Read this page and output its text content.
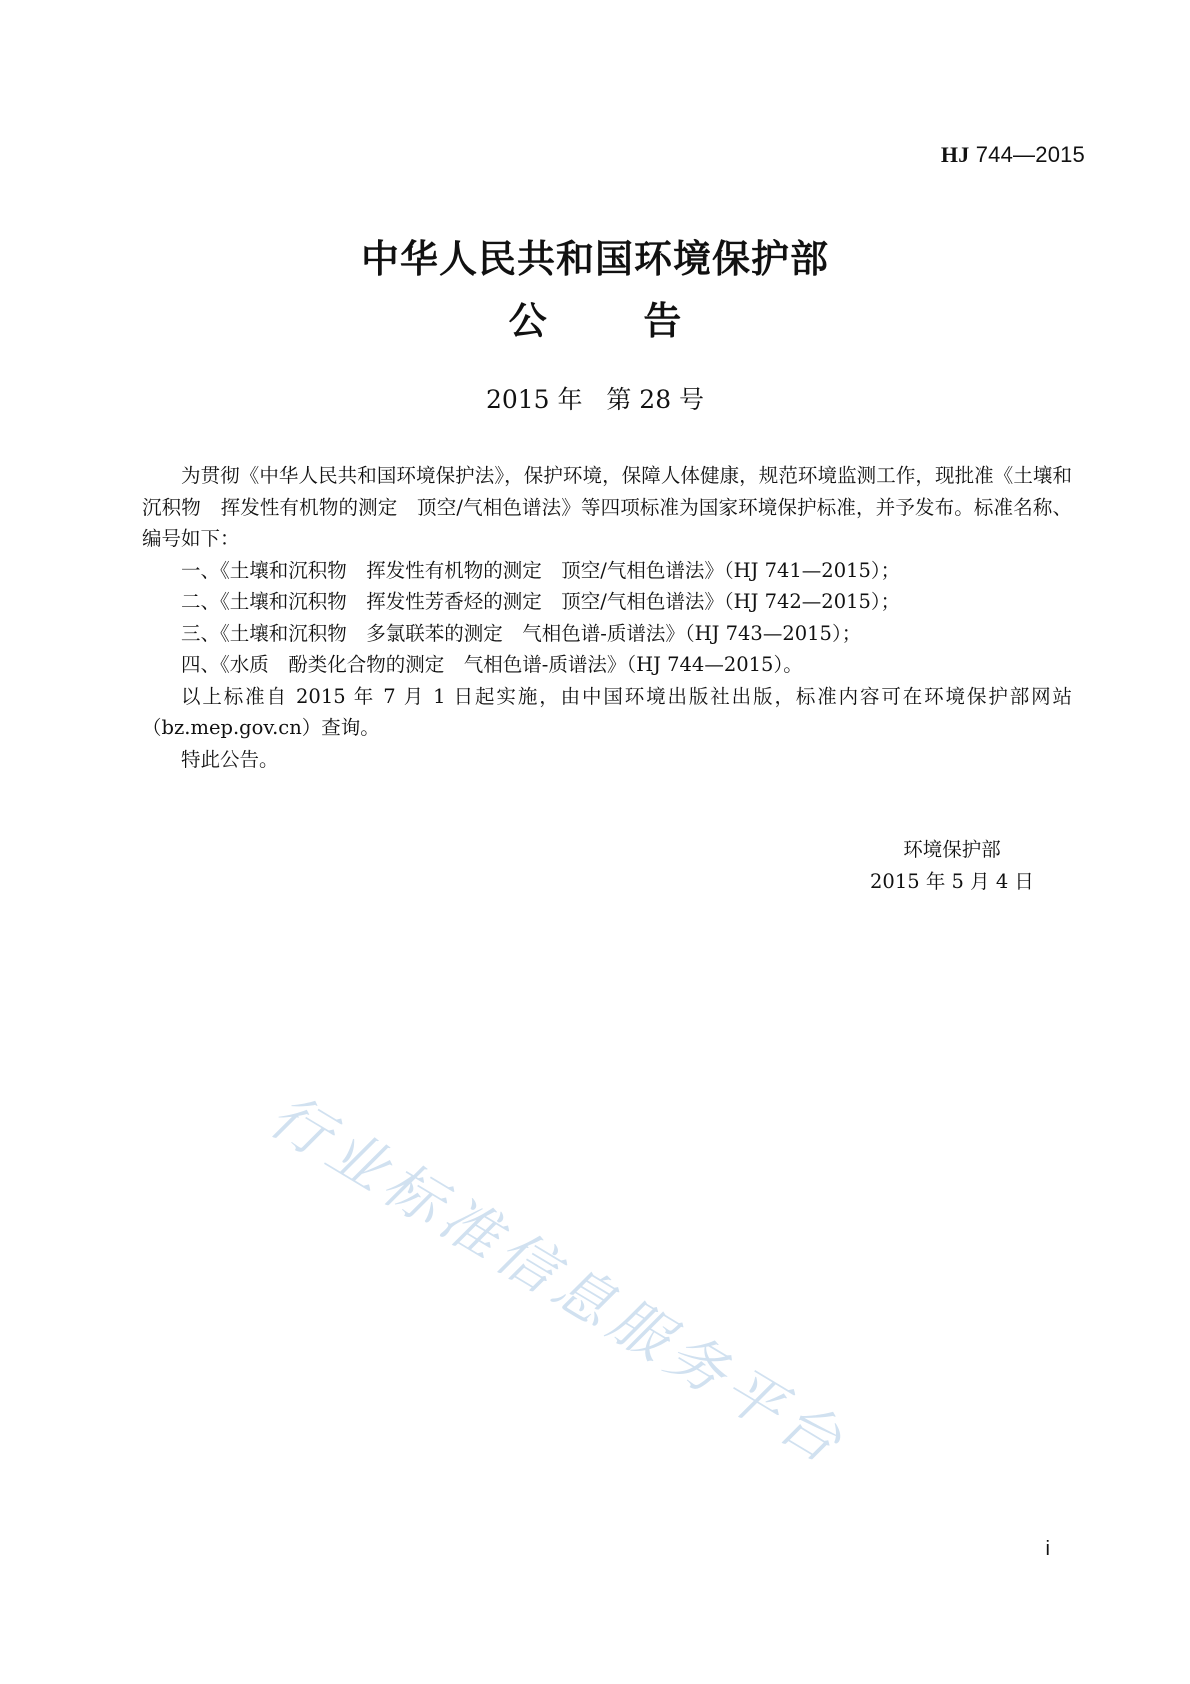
HJ 744—2015
中华人民共和国环境保护部
公 告
2015 年   第 28 号

为贯彻《中华人民共和国环境保护法》，保护环境，保障人体健康，规范环境监测工作，现批准《土壤和沉积物　挥发性有机物的测定　顶空/气相色谱法》等四项标准为国家环境保护标准，并予发布。标准名称、编号如下：

一、《土壤和沉积物　挥发性有机物的测定　顶空/气相色谱法》（HJ 741—2015）；

二、《土壤和沉积物　挥发性芳香烃的测定　顶空/气相色谱法》（HJ 742—2015）；

三、《土壤和沉积物　多氯联苯的测定　气相色谱-质谱法》（HJ 743—2015）；

四、《水质　酚类化合物的测定　气相色谱-质谱法》（HJ 744—2015）。

以上标准自 2015 年 7 月 1 日起实施，由中国环境出版社出版，标准内容可在环境保护部网站（bz.mep.gov.cn）查询。

特此公告。

环境保护部
2015 年 5 月 4 日
行业标准信息服务平台
i
